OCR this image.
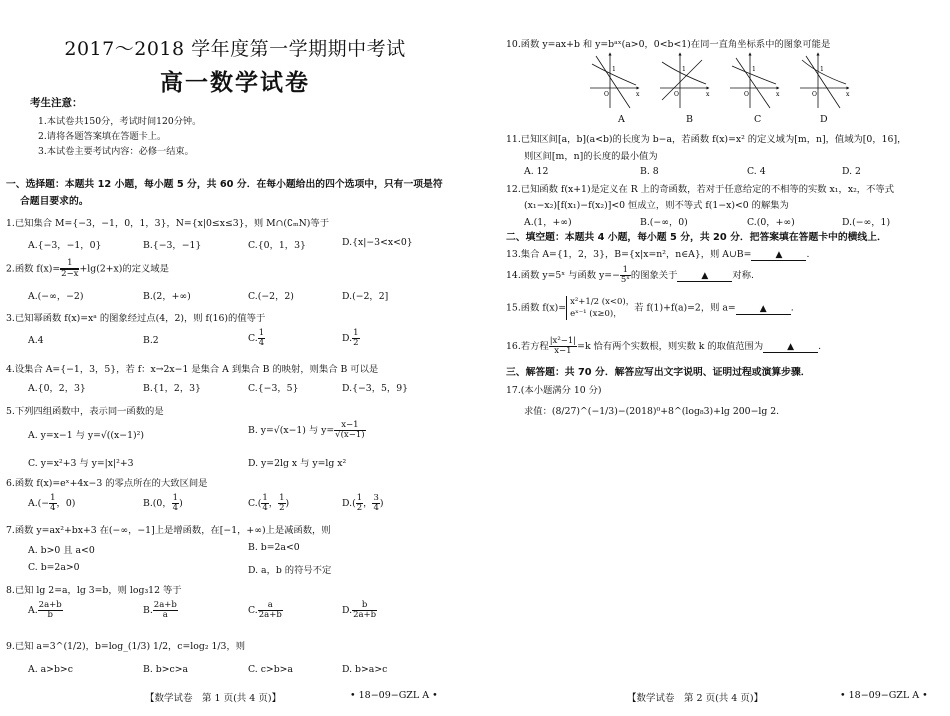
2017～2018 学年度第一学期期中考试
高一数学试卷
考生注意：
1.本试卷共150分，考试时间120分钟。
2.请将各题答案填在答题卡上。
3.本试卷主要考试内容：必修一结束。
一、选择题：本题共 12 小题，每小题 5 分，共 60 分．在每小题给出的四个选项中，只有一项是符
合题目要求的。
1.已知集合 M={−3，−1，0，1，3}，N={x|0≤x≤3}，则 M∩(∁ₘN)等于
A.{−3，−1，0}	B.{−3，−1}	C.{0，1，3}	D.{x|−3<x<0}
2.函数 $f(x)= \frac{1}{2-x} +\lg(2+x)$的定义域是
A.(−∞，−2)	B.(2，+∞)	C.(−2，2)	D.(−2，2]
3.已知幂函数 f(x)=xᵃ 的图象经过点(4，2)，则 f(16)的值等于
A.4	B.2	C. $\frac{1}{4}$	D. $\frac{1}{2}$
4.设集合 A={−1，3，5}，若 f：x→2x−1 是集合 A 到集合 B 的映射，则集合 B 可以是
A.{0，2，3}	B.{1，2，3}	C.{−3，5}	D.{−3，5，9}
5.下列四组函数中，表示同一函数的是
A. y=x−1 与 y=√((x−1)²)	B. y=√(x−1) 与 $y= \frac{x-1}{√(x-1)}$
C. y=x²+3 与 y=|x|²+3	D. y=2lg x 与 y=lg x²
6.函数 f(x)=eˣ+4x−3 的零点所在的大致区间是
$A.(- \frac{1}{4}$ ，0)	B.(0， $\frac{1}{4}$ )	$C.( \frac{1}{4}$ ， $\frac{1}{2}$ )	$D.( \frac{1}{2}$ ， $\frac{3}{4}$ )
7.函数 y=ax²+bx+3 在(−∞，−1]上是增函数，在[−1，+∞)上是减函数，则
A. b>0 且 a<0	B. b=2a<0
C. b=2a>0	D. a，b 的符号不定
8.已知 lg 2=a，lg 3=b，则 log₃12 等于
A. $\frac{2a+b}{b}$	B. $\frac{2a+b}{a}$	C. $\frac{a}{2a+b}$	D. $\frac{b}{2a+b}$
9.已知 a=3^(1/2)，b=log_(1/3) 1/2，c=log₂ 1/3，则
A. a>b>c	B. b>c>a	C. c>b>a	D. b>a>c
【数学试卷　第 1 页(共 4 页)】	• 18−09−GZL A •
10.函数 y=ax+b 和 y=bᵃˣ(a>0，0<b<1)在同一直角坐标系中的图象可能是
1
O	x
1
O	x
1
O	x
1
O	x
A	B	C	D
11.已知区间[a，b](a<b)的长度为 b−a，若函数 f(x)=x² 的定义域为[m，n]，值域为[0，16]，
则区间[m，n]的长度的最小值为
A. 12	B. 8	C. 4	D. 2
12.已知函数 f(x+1)是定义在 R 上的奇函数，若对于任意给定的不相等的实数 x₁，x₂，不等式
(x₁−x₂)[f(x₁)−f(x₂)]<0 恒成立，则不等式 f(1−x)<0 的解集为
A.(1，+∞)	B.(−∞，0)	C.(0，+∞)	D.(−∞，1)
二、填空题：本题共 4 小题，每小题 5 分，共 20 分．把答案填在答题卡中的横线上．
13.集合 A={1，2，3}，B={x|x=n²，n∈A}，则 A∪B=	▲	.
14.函数 y=5ˣ 与函数 $y=- \frac{1}{\text{5ˣ}}$ 的图象关于	▲	对称.
15.函数 f(x)=
x²+1/2 (x<0)，
eˣ⁻¹ (x≥0)，
若 f(1)+f(a)=2，则 a=	▲	.
16.若方程 $\frac{\text{|x²−1|}}{x-1} =k$ 恰有两个实数根，则实数 k 的取值范围为	▲	.
三、解答题：共 70 分．解答应写出文字说明、证明过程或演算步骤．
17.(本小题满分 10 分)
求值：(8/27)^(−1/3)−(2018)⁰+8^(log₈3)+lg 200−lg 2.
【数学试卷　第 2 页(共 4 页)】	• 18−09−GZL A •
